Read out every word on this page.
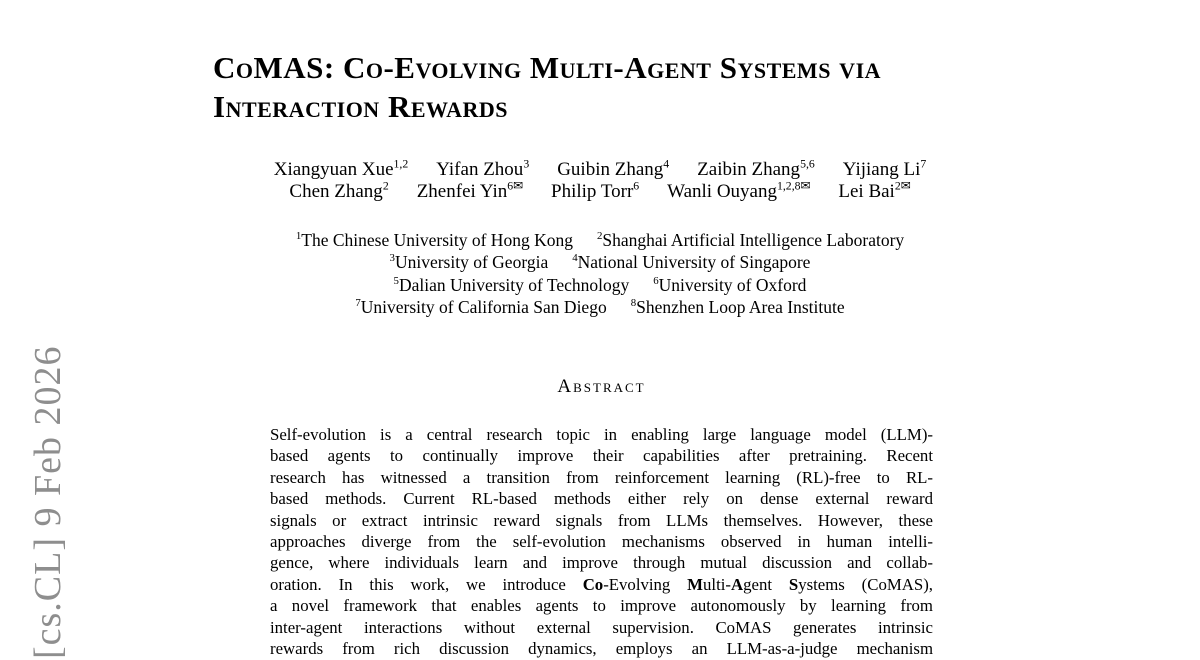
[cs.CL] 9 Feb 2026
CoMAS: Co-Evolving Multi-Agent Systems via
Interaction Rewards
Xiangyuan Xue$^{1,2}$ Yifan Zhou$^3$ Guibin Zhang$^4$ Zaibin Zhang$^{5,6}$ Yijiang Li$^7$
Chen Zhang$^2$ Zhenfei Yin$^{6✉}$ Philip Torr$^6$ Wanli Ouyang$^{1,2,8✉}$ Lei Bai$^{2✉}$
$^1$The Chinese University of Hong Kong $^2$Shanghai Artificial Intelligence Laboratory
$^3$University of Georgia $^4$National University of Singapore
$^5$Dalian University of Technology $^6$University of Oxford
$^7$University of California San Diego $^8$Shenzhen Loop Area Institute
Abstract
Self-evolution is a central research topic in enabling large language model (LLM)-
based agents to continually improve their capabilities after pretraining. Recent
research has witnessed a transition from reinforcement learning (RL)-free to RL-
based methods. Current RL-based methods either rely on dense external reward
signals or extract intrinsic reward signals from LLMs themselves. However, these
approaches diverge from the self-evolution mechanisms observed in human intelli-
gence, where individuals learn and improve through mutual discussion and collab-
oration. In this work, we introduce Co-Evolving Multi-Agent Systems (CoMAS),
a novel framework that enables agents to improve autonomously by learning from
inter-agent interactions without external supervision. CoMAS generates intrinsic
rewards from rich discussion dynamics, employs an LLM-as-a-judge mechanism
